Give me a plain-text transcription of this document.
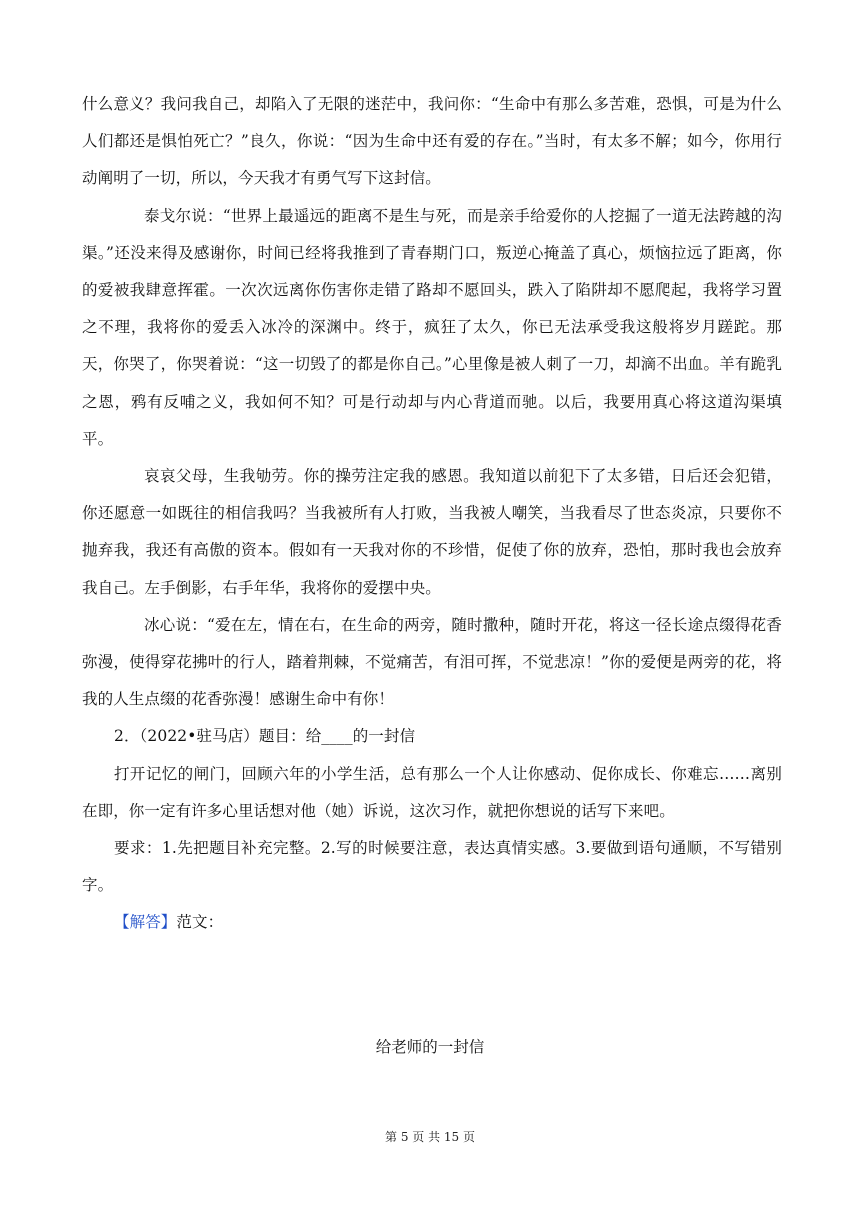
什么意义？我问我自己，却陷入了无限的迷茫中，我问你：“生命中有那么多苦难，恐惧，可是为什么人们都还是惧怕死亡？”良久，你说：“因为生命中还有爱的存在。”当时，有太多不解；如今，你用行动阐明了一切，所以，今天我才有勇气写下这封信。

泰戈尔说：“世界上最遥远的距离不是生与死，而是亲手给爱你的人挖掘了一道无法跨越的沟渠。”还没来得及感谢你，时间已经将我推到了青春期门口，叛逆心掩盖了真心，烦恼拉远了距离，你的爱被我肆意挥霍。一次次远离你伤害你走错了路却不愿回头，跌入了陷阱却不愿爬起，我将学习置之不理，我将你的爱丢入冰冷的深渊中。终于，疯狂了太久，你已无法承受我这般将岁月蹉跎。那天，你哭了，你哭着说：“这一切毁了的都是你自己。”心里像是被人刺了一刀，却滴不出血。羊有跪乳之恩，鸦有反哺之义，我如何不知？可是行动却与内心背道而驰。以后，我要用真心将这道沟渠填平。

哀哀父母，生我劬劳。你的操劳注定我的感恩。我知道以前犯下了太多错，日后还会犯错，你还愿意一如既往的相信我吗？当我被所有人打败，当我被人嘲笑，当我看尽了世态炎凉，只要你不抛弃我，我还有高傲的资本。假如有一天我对你的不珍惜，促使了你的放弃，恐怕，那时我也会放弃我自己。左手倒影，右手年华，我将你的爱摆中央。

冰心说：“爱在左，情在右，在生命的两旁，随时撒种，随时开花，将这一径长途点缀得花香弥漫，使得穿花拂叶的行人，踏着荆棘，不觉痛苦，有泪可挥，不觉悲凉！”你的爱便是两旁的花，将我的人生点缀的花香弥漫！感谢生命中有你！

2．（2022•驻马店）题目：给____的一封信

打开记忆的闸门，回顾六年的小学生活，总有那么一个人让你感动、促你成长、你难忘……离别在即，你一定有许多心里话想对他（她）诉说，这次习作，就把你想说的话写下来吧。

要求：1.先把题目补充完整。2.写的时候要注意，表达真情实感。3.要做到语句通顺，不写错别字。

【解答】范文：

给老师的一封信
第 5 页 共 15 页
